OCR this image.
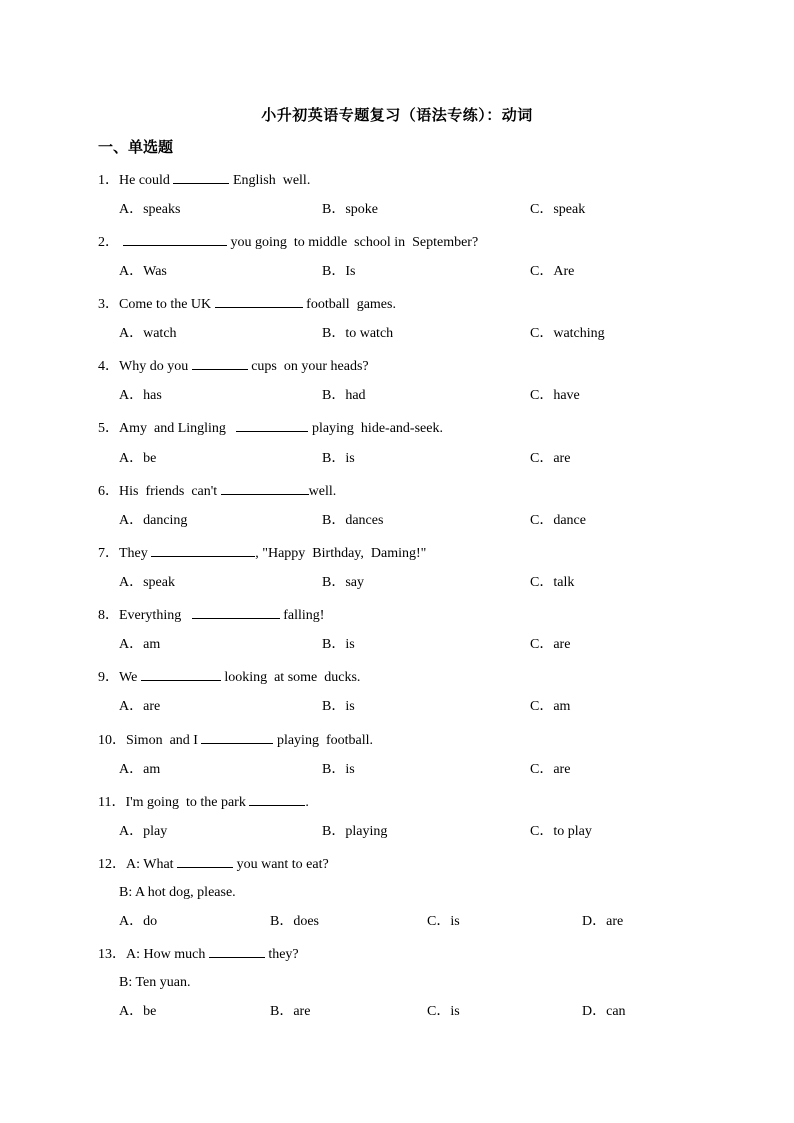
小升初英语专题复习（语法专练）：动词
一、单选题
1．He could	English  well.
A．speaks	B．spoke	C．speak
2．	you going  to middle  school in  September?
A．Was	B．Is	C．Are
3．Come to the UK	football  games.
A．watch	B．to watch	C．watching
4．Why do you	cups  on your heads?
A．has	B．had	C．have
5．Amy  and Lingling	playing  hide-and-seek.
A．be	B．is	C．are
6．His  friends  can't	well.
A．dancing	B．dances	C．dance
7．They	, "Happy  Birthday,  Daming!"
A．speak	B．say	C．talk
8．Everything	falling!
A．am	B．is	C．are
9．We	looking  at some  ducks.
A．are	B．is	C．am
10．Simon  and I	playing  football.
A．am	B．is	C．are
11．I'm going  to the park	.
A．play	B．playing	C．to play
12．A: What	you want to eat?
B: A hot dog, please.
A．do	B．does	C．is	D．are
13．A: How much	they?
B: Ten yuan.
A．be	B．are	C．is	D．can
